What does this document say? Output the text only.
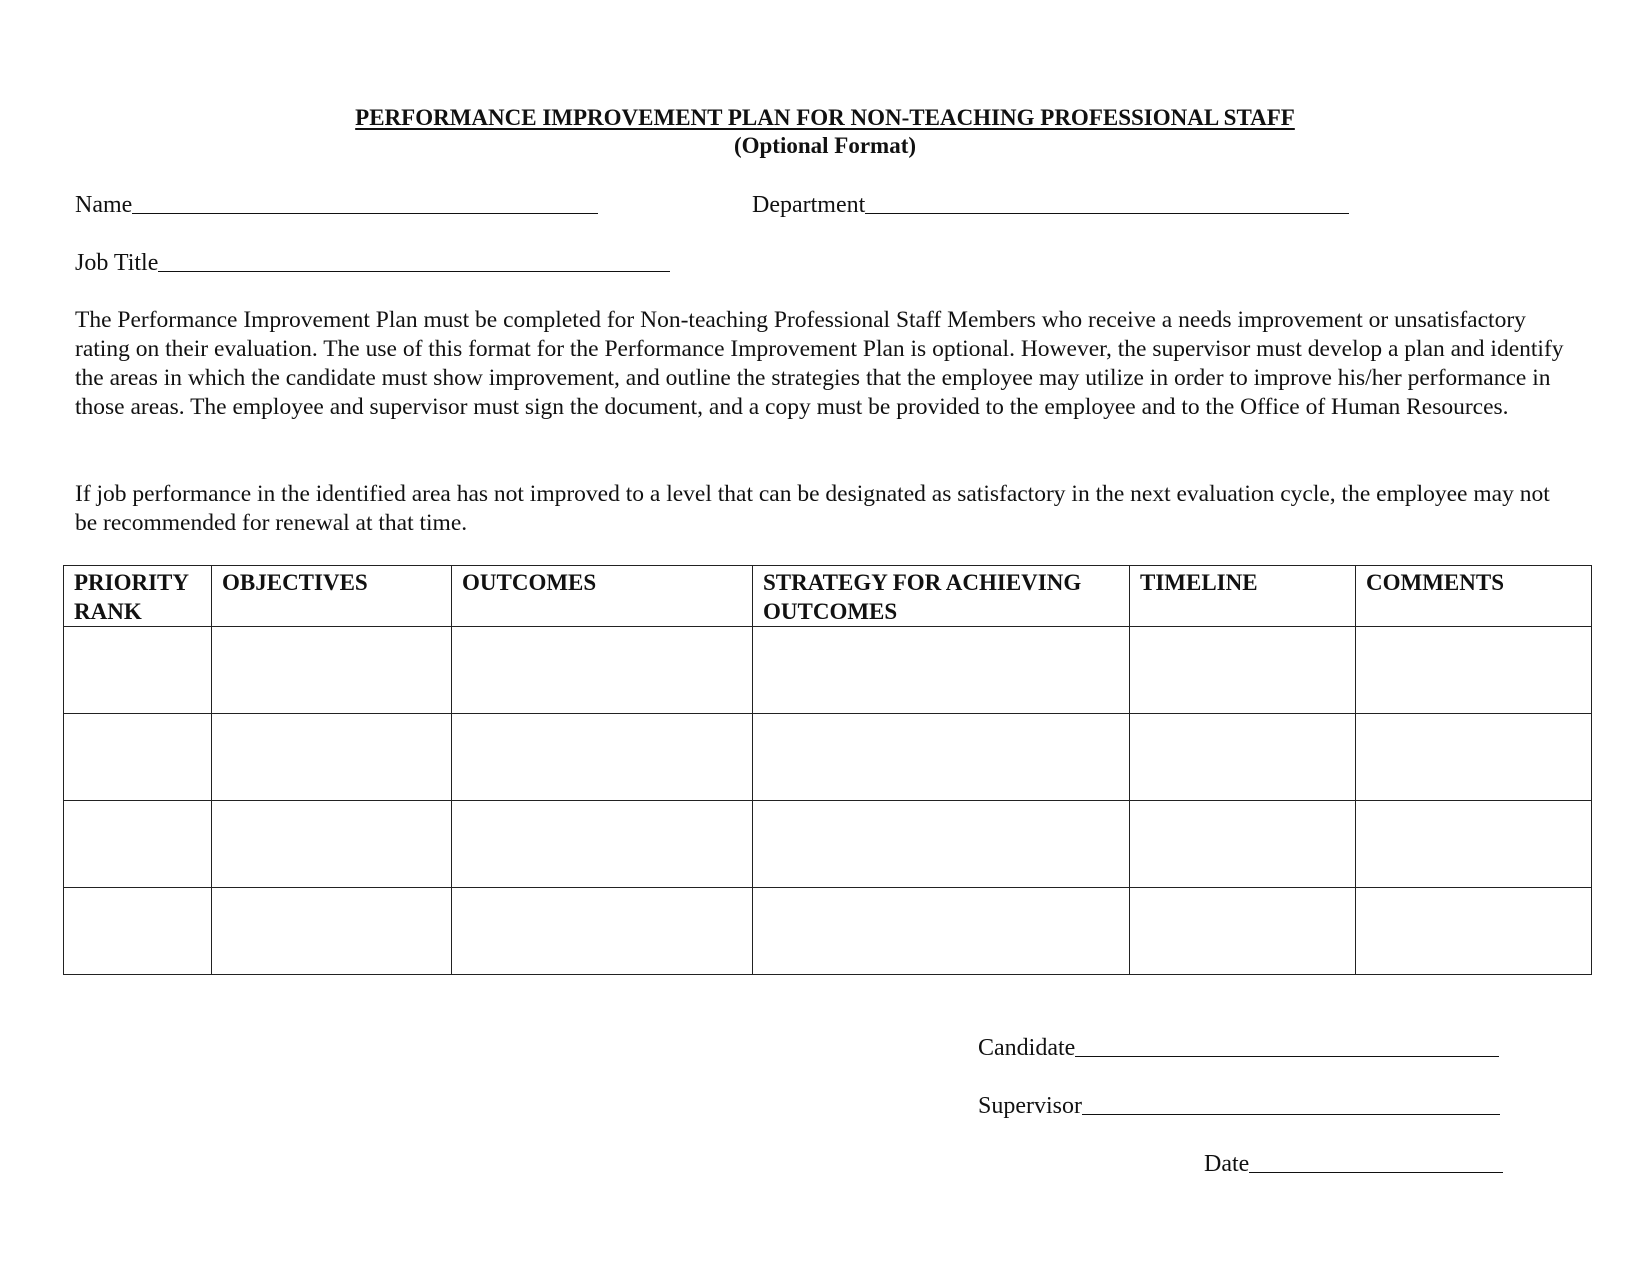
PERFORMANCE IMPROVEMENT PLAN FOR NON-TEACHING PROFESSIONAL STAFF
(Optional Format)
Name	Department
Job Title
The Performance Improvement Plan must be completed for Non-teaching Professional Staff Members who receive a needs improvement or unsatisfactory rating on their evaluation. The use of this format for the Performance Improvement Plan is optional. However, the supervisor must develop a plan and identify the areas in which the candidate must show improvement, and outline the strategies that the employee may utilize in order to improve his/her performance in those areas. The employee and supervisor must sign the document, and a copy must be provided to the employee and to the Office of Human Resources.
If job performance in the identified area has not improved to a level that can be designated as satisfactory in the next evaluation cycle, the employee may not be recommended for renewal at that time.
PRIORITY RANK	OBJECTIVES	OUTCOMES	STRATEGY FOR ACHIEVING OUTCOMES	TIMELINE	COMMENTS

Candidate
Supervisor
Date
